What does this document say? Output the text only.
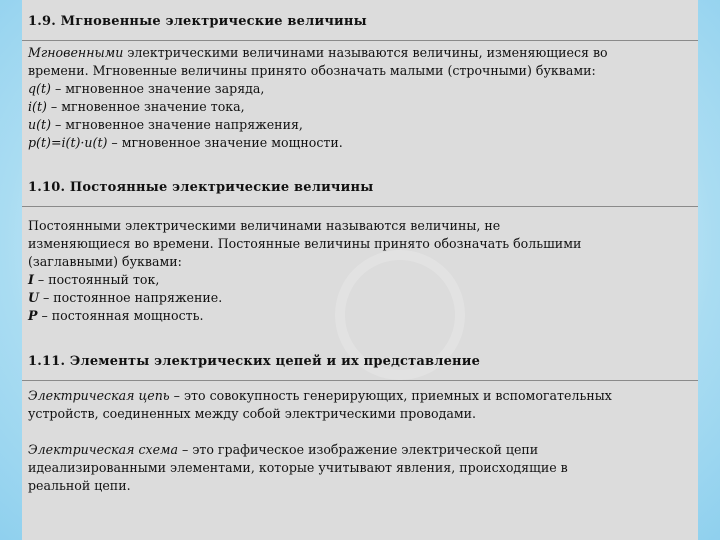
1.9. Мгновенные электрические величины
Мгновенными электрическими величинами называются величины, изменяющиеся во
времени. Мгновенные величины принято обозначать малыми (строчными) буквами:
q(t) – мгновенное значение заряда,
i(t) – мгновенное значение тока,
u(t) – мгновенное значение напряжения,
p(t)=i(t)·u(t) – мгновенное значение мощности.
1.10. Постоянные электрические величины
Постоянными электрическими величинами называются величины, не
изменяющиеся во времени. Постоянные величины принято обозначать большими
(заглавными) буквами:
I – постоянный ток,
U – постоянное напряжение.
P – постоянная мощность.
1.11. Элементы электрических цепей и их представление
Электрическая цепь – это совокупность генерирующих, приемных и вспомогательных
устройств, соединенных между собой электрическими проводами.
Электрическая схема – это графическое изображение электрической цепи
идеализированными элементами, которые учитывают явления, происходящие в
реальной цепи.
